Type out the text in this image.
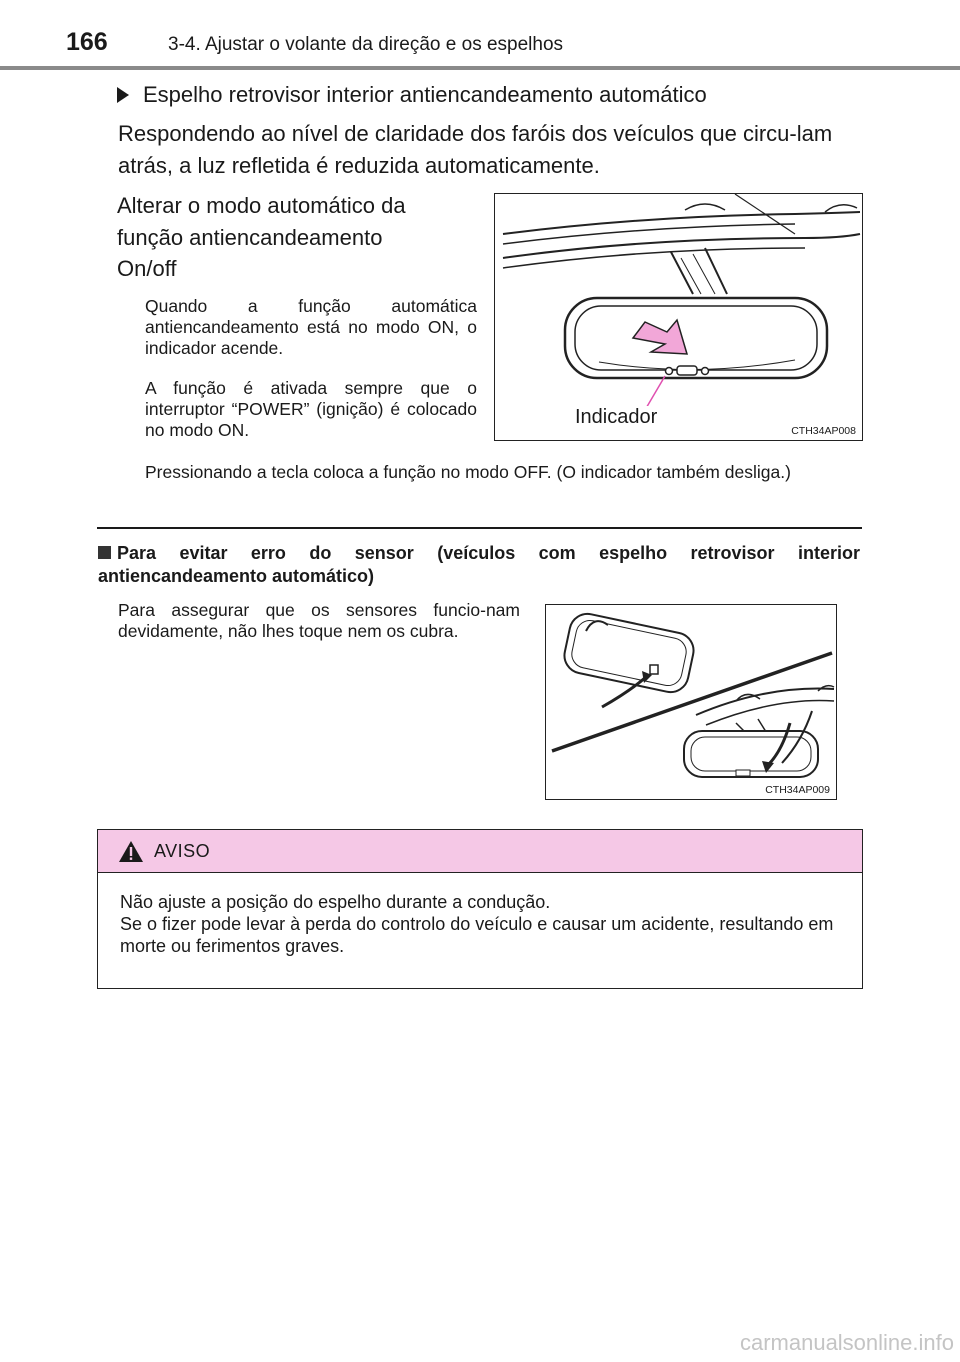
166	3-4. Ajustar o volante da direção e os espelhos
Espelho retrovisor interior antiencandeamento automático
Respondendo ao nível de claridade dos faróis dos veículos que circu-lam atrás, a luz refletida é reduzida automaticamente.
Alterar o modo automático da função antiencandeamento
On/off
Quando a função automática antiencandeamento está no modo ON, o indicador acende.
A função é ativada sempre que o interruptor “POWER” (ignição) é colocado no modo ON.
Pressionando a tecla coloca a função no modo OFF. (O indicador também desliga.)
Indicador
CTH34AP008
Para evitar erro do sensor (veículos com espelho retrovisor interior antiencandeamento automático)
Para assegurar que os sensores funcio-nam devidamente, não lhes toque nem os cubra.
CTH34AP009
AVISO
Não ajuste a posição do espelho durante a condução.
Se o fizer pode levar à perda do controlo do veículo e causar um acidente, resultando em morte ou ferimentos graves.
carmanualsonline.info
